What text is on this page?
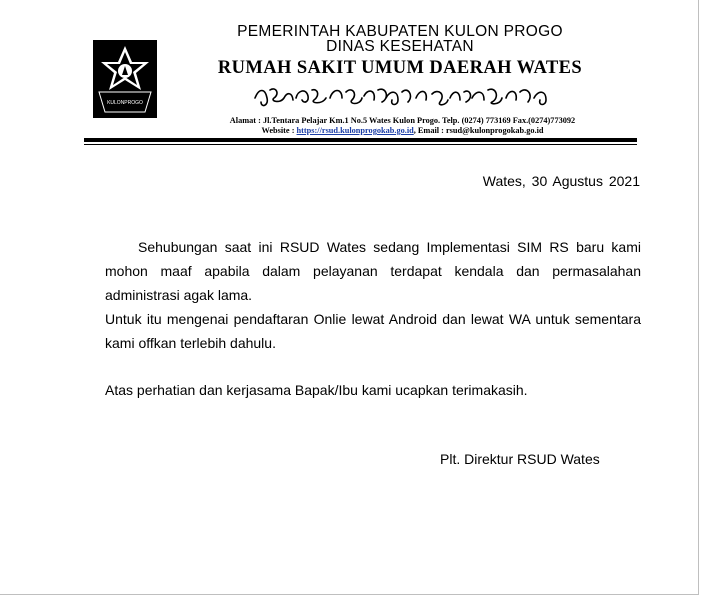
KULONPROGO
PEMERINTAH KABUPATEN KULON PROGO
DINAS KESEHATAN
RUMAH SAKIT UMUM DAERAH WATES
ꦥꦼꦩꦼꦫꦶꦤ꧀ꦠꦃꦏꦧꦸꦥꦠꦺꦤ꧀
Alamat : Jl.Tentara Pelajar Km.1 No.5 Wates Kulon Progo. Telp. (0274) 773169 Fax.(0274)773092
Website : https://rsud.kulonprogokab.go.id, Email : rsud@kulonprogokab.go.id
Wates, 30 Agustus 2021
Sehubungan saat ini RSUD Wates sedang Implementasi SIM RS baru kami mohon maaf apabila dalam pelayanan terdapat kendala dan permasalahan administrasi agak lama.
Untuk itu mengenai pendaftaran Onlie lewat Android dan lewat WA untuk sementara kami offkan terlebih dahulu.
Atas perhatian dan kerjasama Bapak/Ibu kami ucapkan terimakasih.
Plt. Direktur RSUD Wates
